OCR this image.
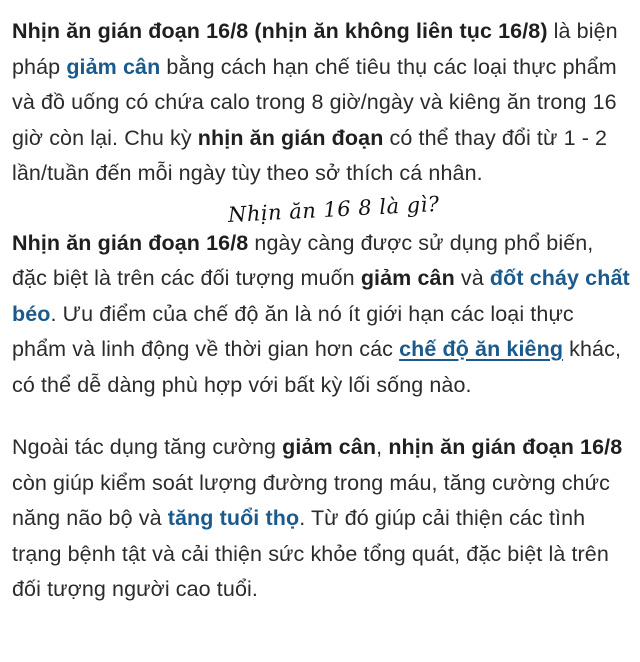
Nhịn ăn gián đoạn 16/8 (nhịn ăn không liên tục 16/8) là biện pháp giảm cân bằng cách hạn chế tiêu thụ các loại thực phẩm và đồ uống có chứa calo trong 8 giờ/ngày và kiêng ăn trong 16 giờ còn lại. Chu kỳ nhịn ăn gián đoạn có thể thay đổi từ 1 - 2 lần/tuần đến mỗi ngày tùy theo sở thích cá nhân.

Nhịn ăn gián đoạn 16/8 ngày càng được sử dụng phổ biến, đặc biệt là trên các đối tượng muốn giảm cân và đốt cháy chất béo. Ưu điểm của chế độ ăn là nó ít giới hạn các loại thực phẩm và linh động về thời gian hơn các chế độ ăn kiêng khác, có thể dễ dàng phù hợp với bất kỳ lối sống nào.

Ngoài tác dụng tăng cường giảm cân, nhịn ăn gián đoạn 16/8 còn giúp kiểm soát lượng đường trong máu, tăng cường chức năng não bộ và tăng tuổi thọ. Từ đó giúp cải thiện các tình trạng bệnh tật và cải thiện sức khỏe tổng quát, đặc biệt là trên đối tượng người cao tuổi.

Nhịn ăn 16 8 là gì?
